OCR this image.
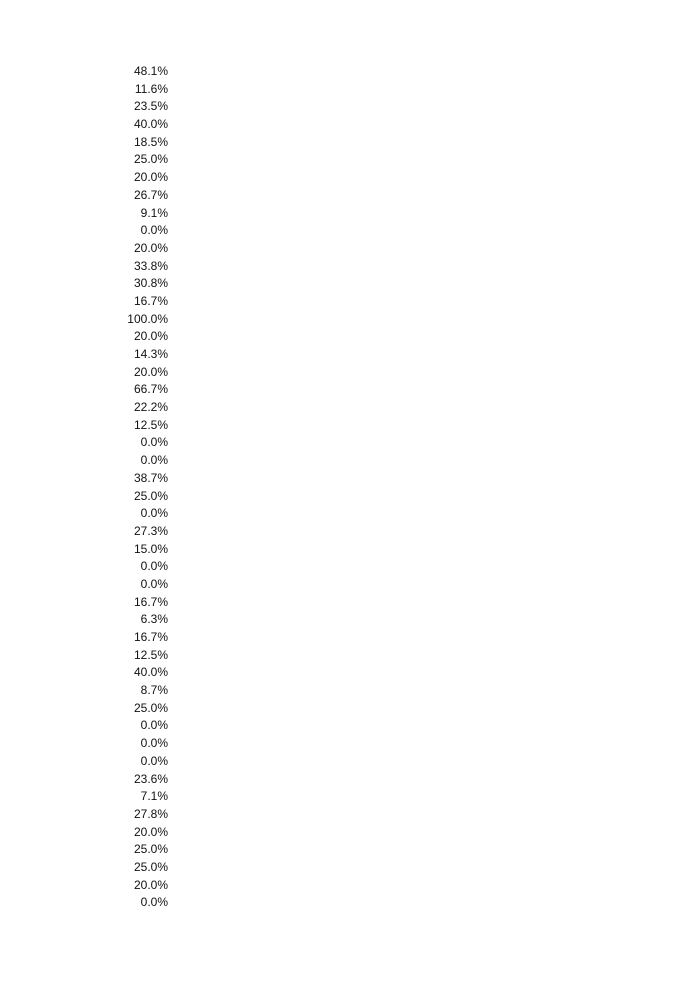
48.1%
11.6%
23.5%
40.0%
18.5%
25.0%
20.0%
26.7%
9.1%
0.0%
20.0%
33.8%
30.8%
16.7%
100.0%
20.0%
14.3%
20.0%
66.7%
22.2%
12.5%
0.0%
0.0%
38.7%
25.0%
0.0%
27.3%
15.0%
0.0%
0.0%
16.7%
6.3%
16.7%
12.5%
40.0%
8.7%
25.0%
0.0%
0.0%
0.0%
23.6%
7.1%
27.8%
20.0%
25.0%
25.0%
20.0%
0.0%
